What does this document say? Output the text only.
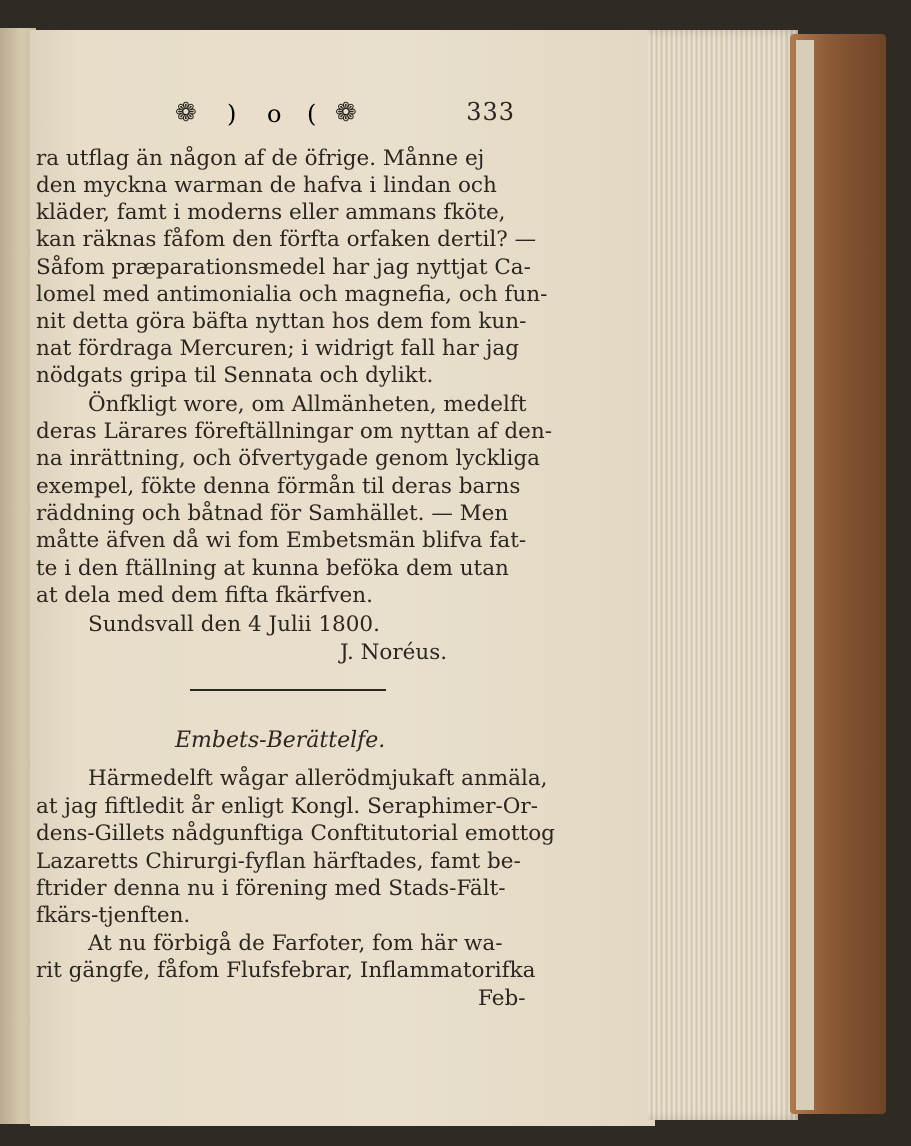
❁ ) o ( ❁	333
ra utflag än någon af de öfrige. Månne ej
den myckna warman de hafva i lindan och
kläder, famt i moderns eller ammans fköte,
kan räknas fåfom den förfta orfaken dertil? —
Såfom præparationsmedel har jag nyttjat Ca-
lomel med antimonialia och magnefia, och fun-
nit detta göra bäfta nyttan hos dem fom kun-
nat fördraga Mercuren; i widrigt fall har jag
nödgats gripa til Sennata och dylikt.
Önfkligt wore, om Allmänheten, medelft
deras Lärares föreftällningar om nyttan af den-
na inrättning, och öfvertygade genom lyckliga
exempel, fökte denna förmån til deras barns
räddning och båtnad för Samhället. — Men
måtte äfven då wi fom Embetsmän blifva fat-
te i den ftällning at kunna befökа dem utan
at dela med dem fifta fkärfven.
Sundsvall den 4 Julii 1800.
J. Noréus.
Embets-Berättelfe.
Härmedelft wågar allerödmjukaft anmäla,
at jag fiftledit år enligt Kongl. Seraphimer-Or-
dens-Gillets nådgunftiga Conftitutorial emottog
Lazaretts Chirurgi-fyflan härftades, famt be-
ftrider denna nu i förening med Stads-Fält-
fkärs-tjenften.
At nu förbigå de Farfoter, fom här wa-
rit gängfe, fåfom Flufsfebrar, Inflammatorifka
Feb-
